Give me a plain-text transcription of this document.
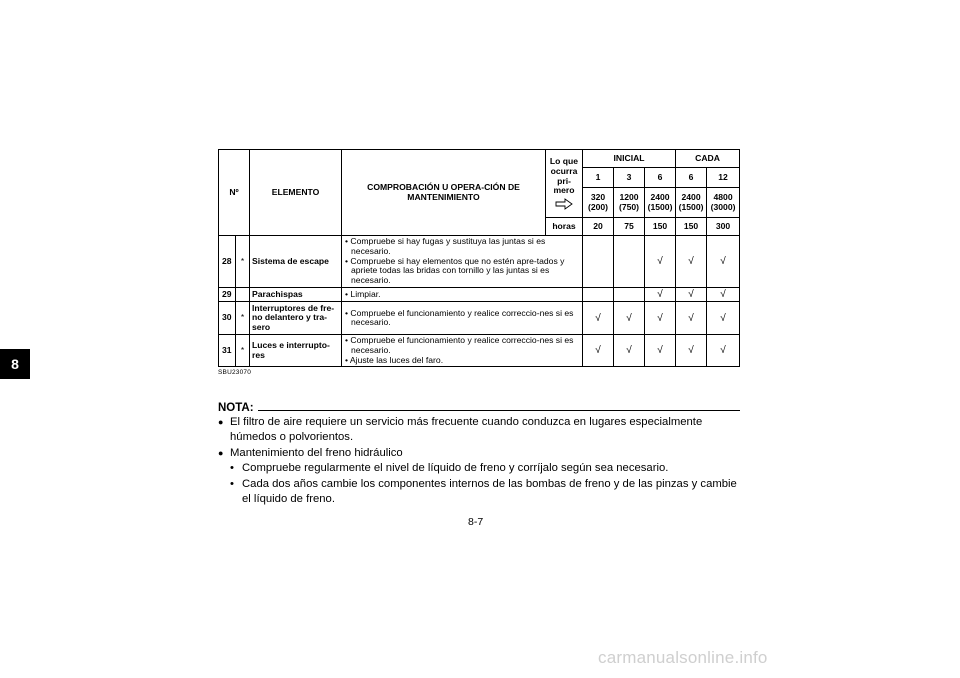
8
Nº		ELEMENTO	COMPROBACIÓN U OPERA-CIÓN DE MANTENIMIENTO	Lo que ocurra pri-mero	INICIAL			CADA	
					1	3	6	6	12
					320 (200)	1200 (750)	2400 (1500)	2400 (1500)	4800 (3000)
				horas	20	75	150	150	300
28	*	Sistema de escape	• Compruebe si hay fugas y sustituya las juntas si es necesario.
• Compruebe si hay elementos que no estén apre-tados y apriete todas las bridas con tornillo y las juntas si es necesario.				√	√	√
29		Parachispas	• Limpiar.				√	√	√
30	*	Interruptores de fre-no delantero y tra-sero	• Compruebe el funcionamiento y realice correccio-nes si es necesario.		√	√	√	√	√
31	*	Luces e interrupto-res	• Compruebe el funcionamiento y realice correccio-nes si es necesario.
• Ajuste las luces del faro.		√	√	√	√	√
SBU23070
NOTA:
● El filtro de aire requiere un servicio más frecuente cuando conduzca en lugares especialmente húmedos o polvorientos.
● Mantenimiento del freno hidráulico
• Compruebe regularmente el nivel de líquido de freno y corríjalo según sea necesario.
• Cada dos años cambie los componentes internos de las bombas de freno y de las pinzas y cambie el líquido de freno.
8-7
carmanualsonline.info
